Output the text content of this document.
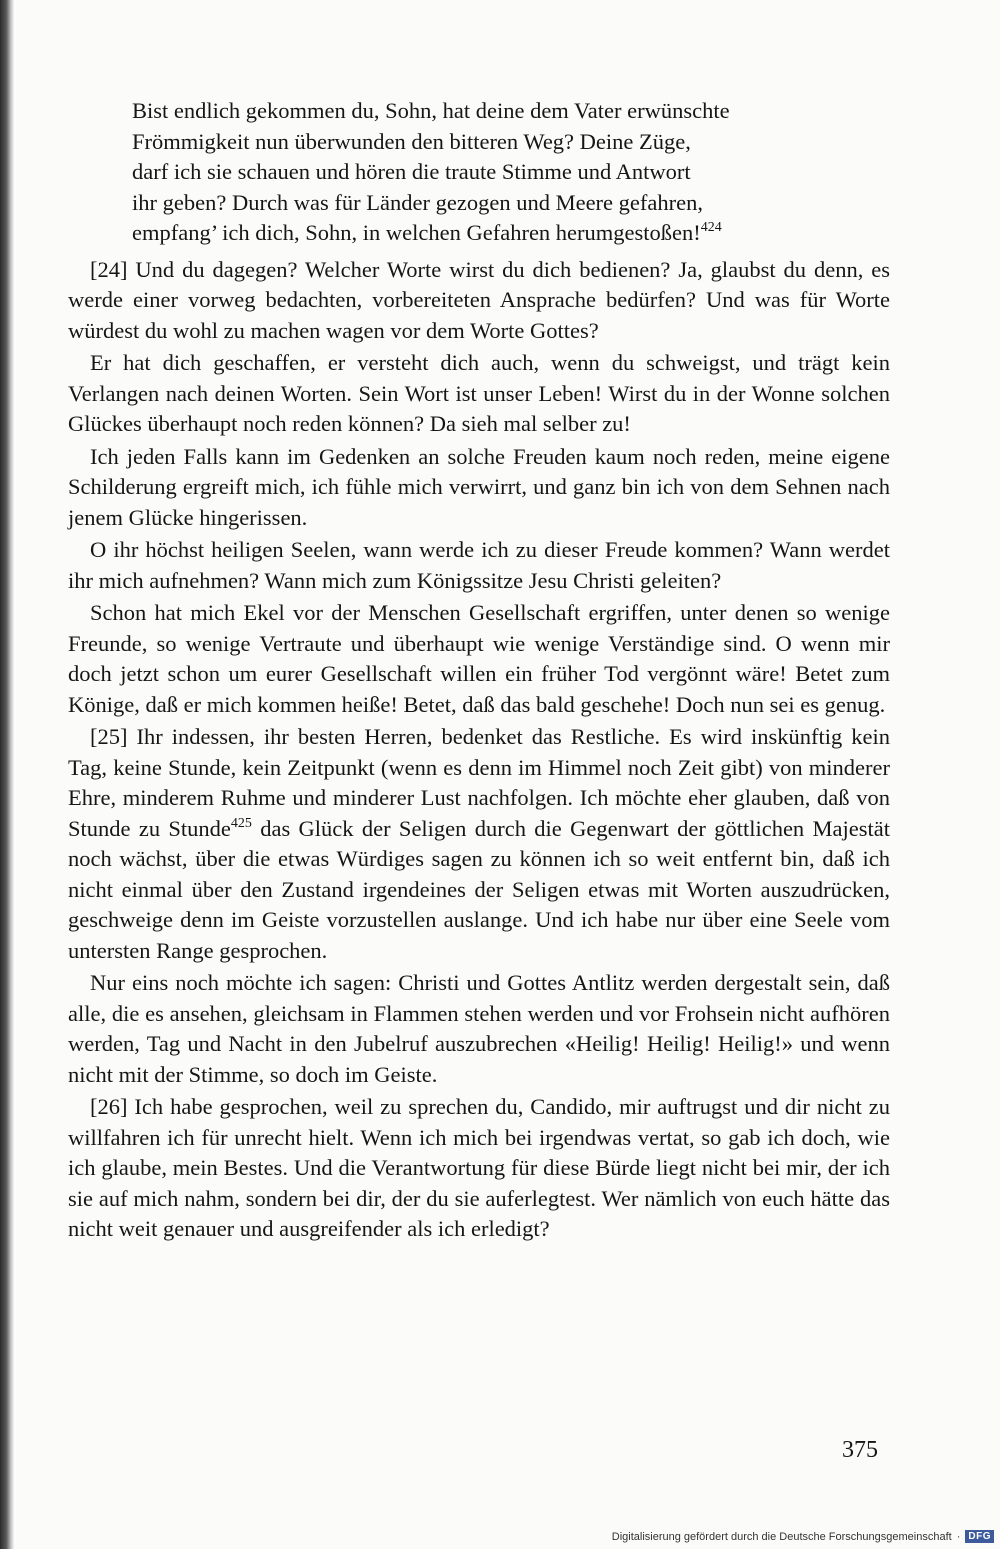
Bist endlich gekommen du, Sohn, hat deine dem Vater erwünschte
Frömmigkeit nun überwunden den bitteren Weg? Deine Züge,
darf ich sie schauen und hören die traute Stimme und Antwort
ihr geben? Durch was für Länder gezogen und Meere gefahren,
empfang’ ich dich, Sohn, in welchen Gefahren herumgestoßen!$^{424}$

[24] Und du dagegen? Welcher Worte wirst du dich bedienen? Ja, glaubst du denn, es werde einer vorweg bedachten, vorbereiteten Ansprache bedürfen? Und was für Worte würdest du wohl zu machen wagen vor dem Worte Gottes?

Er hat dich geschaffen, er versteht dich auch, wenn du schweigst, und trägt kein Verlangen nach deinen Worten. Sein Wort ist unser Leben! Wirst du in der Wonne solchen Glückes überhaupt noch reden können? Da sieh mal selber zu!

Ich jeden Falls kann im Gedenken an solche Freuden kaum noch reden, meine eigene Schilderung ergreift mich, ich fühle mich verwirrt, und ganz bin ich von dem Sehnen nach jenem Glücke hingerissen.

O ihr höchst heiligen Seelen, wann werde ich zu dieser Freude kommen? Wann werdet ihr mich aufnehmen? Wann mich zum Königssitze Jesu Christi geleiten?

Schon hat mich Ekel vor der Menschen Gesellschaft ergriffen, unter denen so wenige Freunde, so wenige Vertraute und überhaupt wie wenige Verständige sind. O wenn mir doch jetzt schon um eurer Gesellschaft willen ein früher Tod vergönnt wäre! Betet zum Könige, daß er mich kommen heiße! Betet, daß das bald geschehe! Doch nun sei es genug.

[25] Ihr indessen, ihr besten Herren, bedenket das Restliche. Es wird inskünftig kein Tag, keine Stunde, kein Zeitpunkt (wenn es denn im Himmel noch Zeit gibt) von minderer Ehre, minderem Ruhme und minderer Lust nachfolgen. Ich möchte eher glauben, daß von Stunde zu Stunde$^{425}$ das Glück der Seligen durch die Gegenwart der göttlichen Majestät noch wächst, über die etwas Würdiges sagen zu können ich so weit entfernt bin, daß ich nicht einmal über den Zustand irgendeines der Seligen etwas mit Worten auszudrücken, geschweige denn im Geiste vorzustellen auslange. Und ich habe nur über eine Seele vom untersten Range gesprochen.

Nur eins noch möchte ich sagen: Christi und Gottes Antlitz werden dergestalt sein, daß alle, die es ansehen, gleichsam in Flammen stehen werden und vor Frohsein nicht aufhören werden, Tag und Nacht in den Jubelruf auszubrechen «Heilig! Heilig! Heilig!» und wenn nicht mit der Stimme, so doch im Geiste.

[26] Ich habe gesprochen, weil zu sprechen du, Candido, mir auftrugst und dir nicht zu willfahren ich für unrecht hielt. Wenn ich mich bei irgendwas vertat, so gab ich doch, wie ich glaube, mein Bestes. Und die Verantwortung für diese Bürde liegt nicht bei mir, der ich sie auf mich nahm, sondern bei dir, der du sie auferlegtest. Wer nämlich von euch hätte das nicht weit genauer und ausgreifender als ich erledigt?

375
Digitalisierung gefördert durch die Deutsche Forschungsgemeinschaft · DFG
